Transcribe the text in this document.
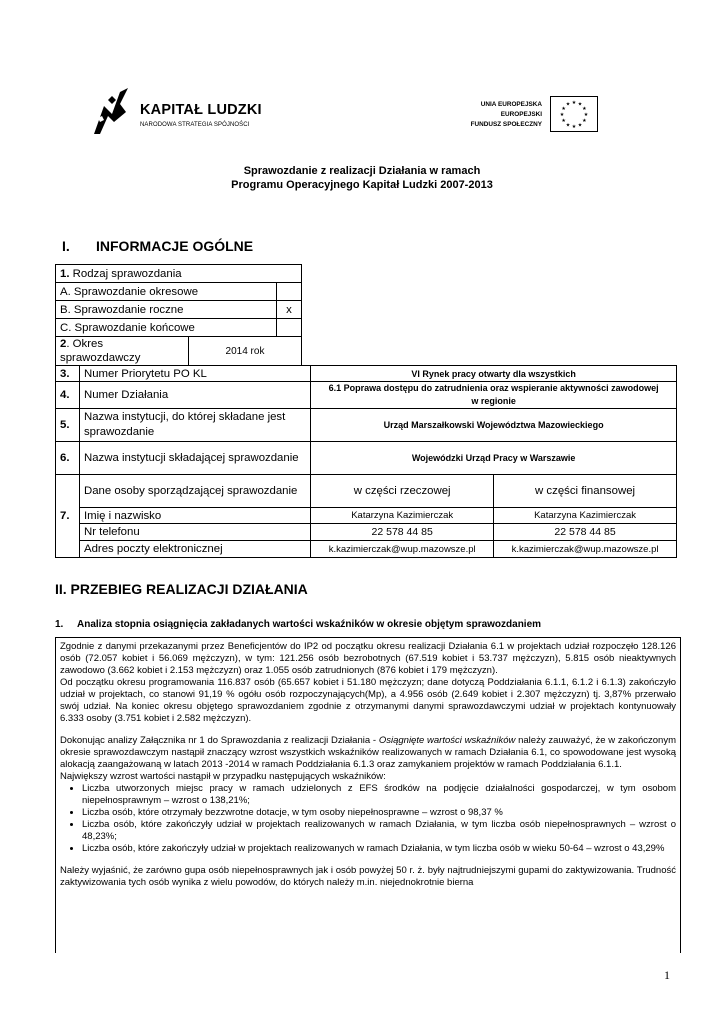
KAPITAŁ LUDZKI
NARODOWA STRATEGIA SPÓJNOŚCI
UNIA EUROPEJSKA
EUROPEJSKI
FUNDUSZ SPOŁECZNY
★ ★
★
★
★
★
★
★
★
★
★
★
Sprawozdanie z realizacji Działania w ramach
Programu Operacyjnego Kapitał Ludzki 2007-2013
I. INFORMACJE OGÓLNE
1. Rodzaj sprawozdania		
A. Sprawozdanie okresowe		
B. Sprawozdanie roczne		x
C. Sprawozdanie końcowe		
2. Okres sprawozdawczy	2014 rok	
3.	Numer Priorytetu PO KL	VI Rynek pracy otwarty dla wszystkich	
4.	Numer Działania	6.1 Poprawa dostępu do zatrudnienia oraz wspieranie aktywności zawodowej w regionie	
5.	Nazwa instytucji, do której składane jest sprawozdanie	Urząd Marszałkowski Województwa Mazowieckiego	
6.	Nazwa instytucji składającej sprawozdanie	Wojewódzki Urząd Pracy w Warszawie	
7.	Dane osoby sporządzającej sprawozdanie	w części rzeczowej	w części finansowej
	Imię i nazwisko	Katarzyna Kazimierczak	Katarzyna Kazimierczak
	Nr telefonu	22 578 44 85	22 578 44 85
	Adres poczty elektronicznej	k.kazimierczak@wup.mazowsze.pl	k.kazimierczak@wup.mazowsze.pl
II. PRZEBIEG REALIZACJI DZIAŁANIA
1. Analiza stopnia osiągnięcia zakładanych wartości wskaźników w okresie objętym sprawozdaniem

Zgodnie z danymi przekazanymi przez Beneficjentów do IP2 od początku okresu realizacji Działania 6.1 w projektach udział rozpoczęło 128.126 osób (72.057 kobiet i 56.069 mężczyzn), w tym: 121.256 osób bezrobotnych (67.519 kobiet i 53.737 mężczyzn), 5.815 osób nieaktywnych zawodowo (3.662 kobiet i 2.153 mężczyzn) oraz 1.055 osób zatrudnionych (876 kobiet i 179 mężczyzn).

Od początku okresu programowania 116.837 osób (65.657 kobiet i 51.180 mężczyzn; dane dotyczą Poddziałania 6.1.1, 6.1.2 i 6.1.3) zakończyło udział w projektach, co stanowi 91,19 % ogółu osób rozpoczynających(Mp), a 4.956 osób (2.649 kobiet i 2.307 mężczyzn) tj. 3,87% przerwało swój udział. Na koniec okresu objętego sprawozdaniem zgodnie z otrzymanymi danymi sprawozdawczymi udział w projektach kontynuowały 6.333 osoby (3.751 kobiet i 2.582 mężczyzn).

Dokonując analizy Załącznika nr 1 do Sprawozdania z realizacji Działania - Osiągnięte wartości wskaźników należy zauważyć, że w zakończonym okresie sprawozdawczym nastąpił znaczący wzrost wszystkich wskaźników realizowanych w ramach Działania 6.1, co spowodowane jest wysoką alokacją zaangażowaną w latach 2013 -2014 w ramach Poddziałania 6.1.3 oraz zamykaniem projektów w ramach Poddziałania 6.1.1.

Największy wzrost wartości nastąpił w przypadku następujących wskaźników:

• Liczba utworzonych miejsc pracy w ramach udzielonych z EFS środków na podjęcie działalności gospodarczej, w tym osobom niepełnosprawnym – wzrost o 138,21%;
• Liczba osób, które otrzymały bezzwrotne dotacje, w tym osoby niepełnosprawne – wzrost o 98,37 %
• Liczba osób, które zakończyły udział w projektach realizowanych w ramach Działania, w tym liczba osób niepełnosprawnych – wzrost o 48,23%;
• Liczba osób, które zakończyły udział w projektach realizowanych w ramach Działania, w tym liczba osób w wieku 50-64 – wzrost o 43,29%

Należy wyjaśnić, że zarówno gupa osób niepełnosprawnych jak i osób powyżej 50 r. ż. były najtrudniejszymi gupami do zaktywizowania. Trudność zaktywizowania tych osób wynika z wielu powodów, do których należy m.in. niejednokrotnie bierna

1
